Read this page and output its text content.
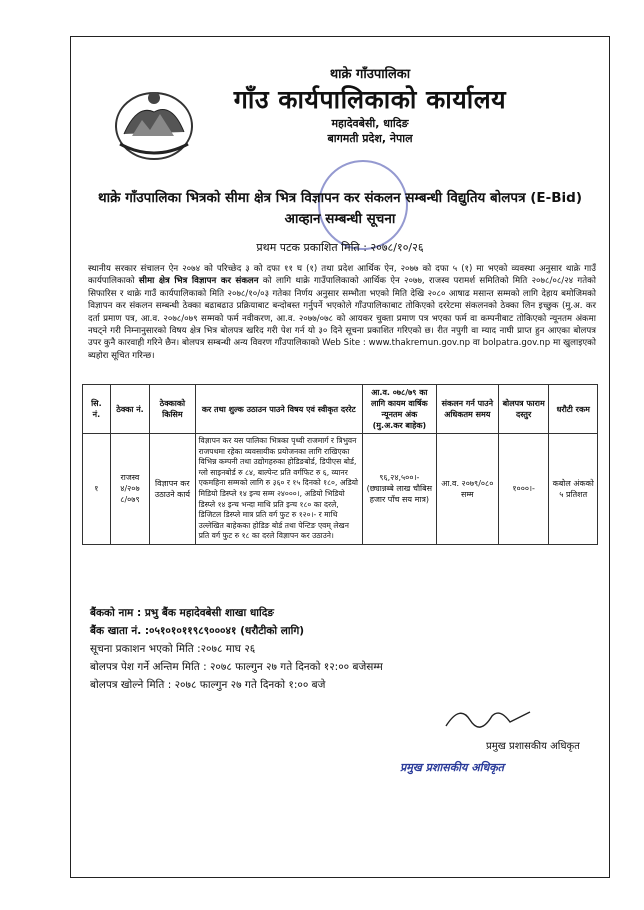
थाक्रे गाँउपालिका
गाँउ कार्यपालिकाको कार्यालय
महादेवबेसी, धादिङ
बागमती प्रदेश, नेपाल
थाक्रे गाँउपालिका भित्रको सीमा क्षेत्र भित्र विज्ञापन कर संकलन सम्बन्धी विद्युतिय बोलपत्र (E-Bid)
आव्हान सम्बन्धी सूचना
प्रथम पटक प्रकाशित मिति : २०७८/१०/२६
स्थानीय सरकार संचालन ऐन २०७४ को परिच्छेद ३ को दफा ११ घ (१) तथा प्रदेश आर्थिक ऐन, २०७७ को दफा ५ (१) मा भएको व्यवस्था अनुसार थाक्रे गाउँ कार्यपालिकाको सीमा क्षेत्र भित्र विज्ञापन कर संकलन को लागि थाक्रे गाउँपालिकाको आर्थिक ऐन २०७७, राजस्व परामर्श समितिको मिति २०७८/०८/२४ गतेको सिफारिस र थाक्रे गाउँ कार्यपालिकाको मिति २०७८/१०/०३ गतेका निर्णय अनुसार सम्भौता भएको मिति देखि २०८० आषाढ मसान्त सम्मको लागि देहाय बमोजिमको विज्ञापन कर संकलन सम्बन्धी ठेक्का बढाबढाउ प्रक्रियाबाट बन्दोबस्त गर्नुपर्ने भएकोले गाँउपालिकाबाट तोकिएको दररेटमा संकलनको ठेक्का लिन इच्छुक (मु.अ. कर दर्ता प्रमाण पत्र, आ.व. २०७८/०७९ सम्मको फर्म नवीकरण, आ.व. २०७७/०७८ को आयकर चुक्ता प्रमाण पत्र भएका फर्म वा कम्पनीबाट तोकिएको न्यूनतम अंकमा नघट्ने गरी निम्नानुसारको विषय क्षेत्र भित्र बोलपत्र खरिद गरी पेश गर्न यो ३० दिने सूचना प्रकाशित गरिएको छ। रीत नपुगी वा म्याद नाघी प्राप्त हुन आएका बोलपत्र उपर कुनै कारवाही गरिने छैन। बोलपत्र सम्बन्धी अन्य विवरण गाँउपालिकाको Web Site : www.thakremun.gov.np वा bolpatra.gov.np मा खुलाइएको ब्यहोरा सूचित गरिन्छ।
सि. नं.	ठेक्का नं.	ठेक्काको किसिम	कर तथा शुल्क उठाउन पाउने विषय एवं स्वीकृत दररेट	आ.व. ०७८/७९ का लागि कायम वार्षिक न्यूनतम अंक (मु.अ.कर बाहेक)	संकलन गर्न पाउने अधिकतम समय	बोलपत्र फाराम दस्तुर	धरौटी रकम
१	राजस्व ४/२०७ ८/०७९	विज्ञापन कर उठाउने कार्य	विज्ञापन कर यस पालिका भित्रका पृथ्वी राजमार्ग र त्रिभुवन राजपथमा रहेका व्यवसायीक प्रयोजनका लागि राखिएका विभिन्न कम्पनी तथा उद्योगहरुका होडिङबोर्ड, डिपीएस बोर्ड, ग्लो साइनबोर्ड रु ८४, बाल्पेन्ट प्रति वर्गफिट रु ६, व्यानर एकमहिना सम्मको लागि रु ३६० र १५ दिनको १८०, अडियो मिडियो डिस्प्ले १४ इन्च सम्म २४०००।, अडियो भिडियो डिस्प्ले १४ इन्च भन्दा माथि प्रति इन्च १८० का दरले, डिजिटल डिस्प्ले मात्र प्रति वर्ग फुट रु १२०।- र माथि उल्लेखित बाहेकका होडिङ बोर्ड तथा पेन्टिङ एवम् लेखन प्रति वर्ग फुट रु १८ का दरले विज्ञापन कर उठाउने।	९६,२४,५००।- (छ्यान्नब्बे लाख चौबिस हजार पाँच सय मात्र)	आ.व. २०७९/०८० सम्म	१०००।-	कबोल अंकको ५ प्रतिशत
बैंकको नाम : प्रभु बैंक महादेवबेसी शाखा धादिङ
बैंक खाता नं. :०५१०१०११९८९०००४१ (धरौटीको लागि)
सूचना प्रकाशन भएको मिति :२०७८ माघ २६
बोलपत्र पेश गर्ने अन्तिम मिति : २०७८ फाल्गुन २७ गते दिनको १२:०० बजेसम्म
बोलपत्र खोल्ने मिति : २०७८ फाल्गुन २७ गते दिनको १:०० बजे
प्रमुख प्रशासकीय अधिकृत
प्रमुख प्रशासकीय अधिकृत
